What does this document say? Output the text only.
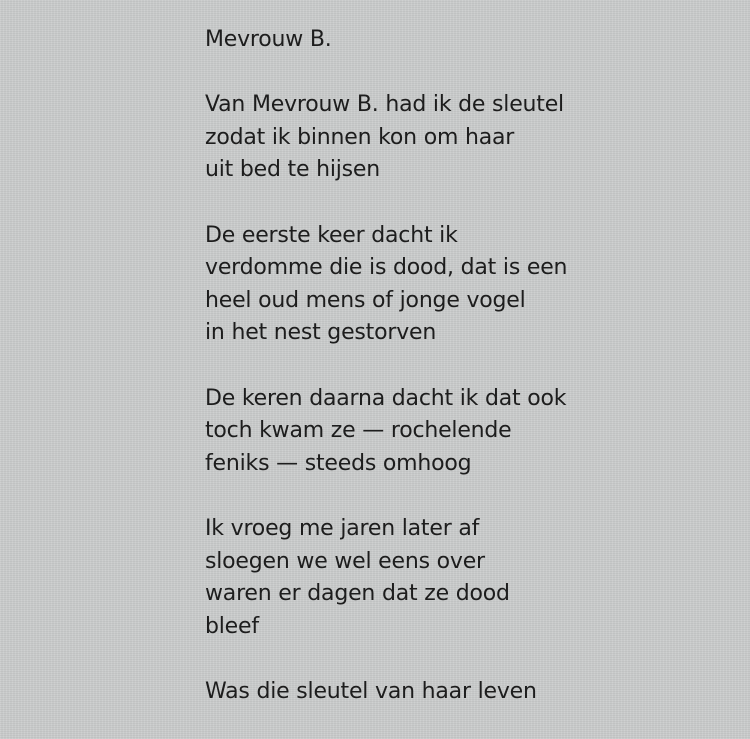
Mevrouw B.
Van Mevrouw B. had ik de sleutel
zodat ik binnen kon om haar
uit bed te hijsen
De eerste keer dacht ik
verdomme die is dood, dat is een
heel oud mens of jonge vogel
in het nest gestorven
De keren daarna dacht ik dat ook
toch kwam ze — rochelende
feniks — steeds omhoog
Ik vroeg me jaren later af
sloegen we wel eens over
waren er dagen dat ze dood
bleef
Was die sleutel van haar leven
